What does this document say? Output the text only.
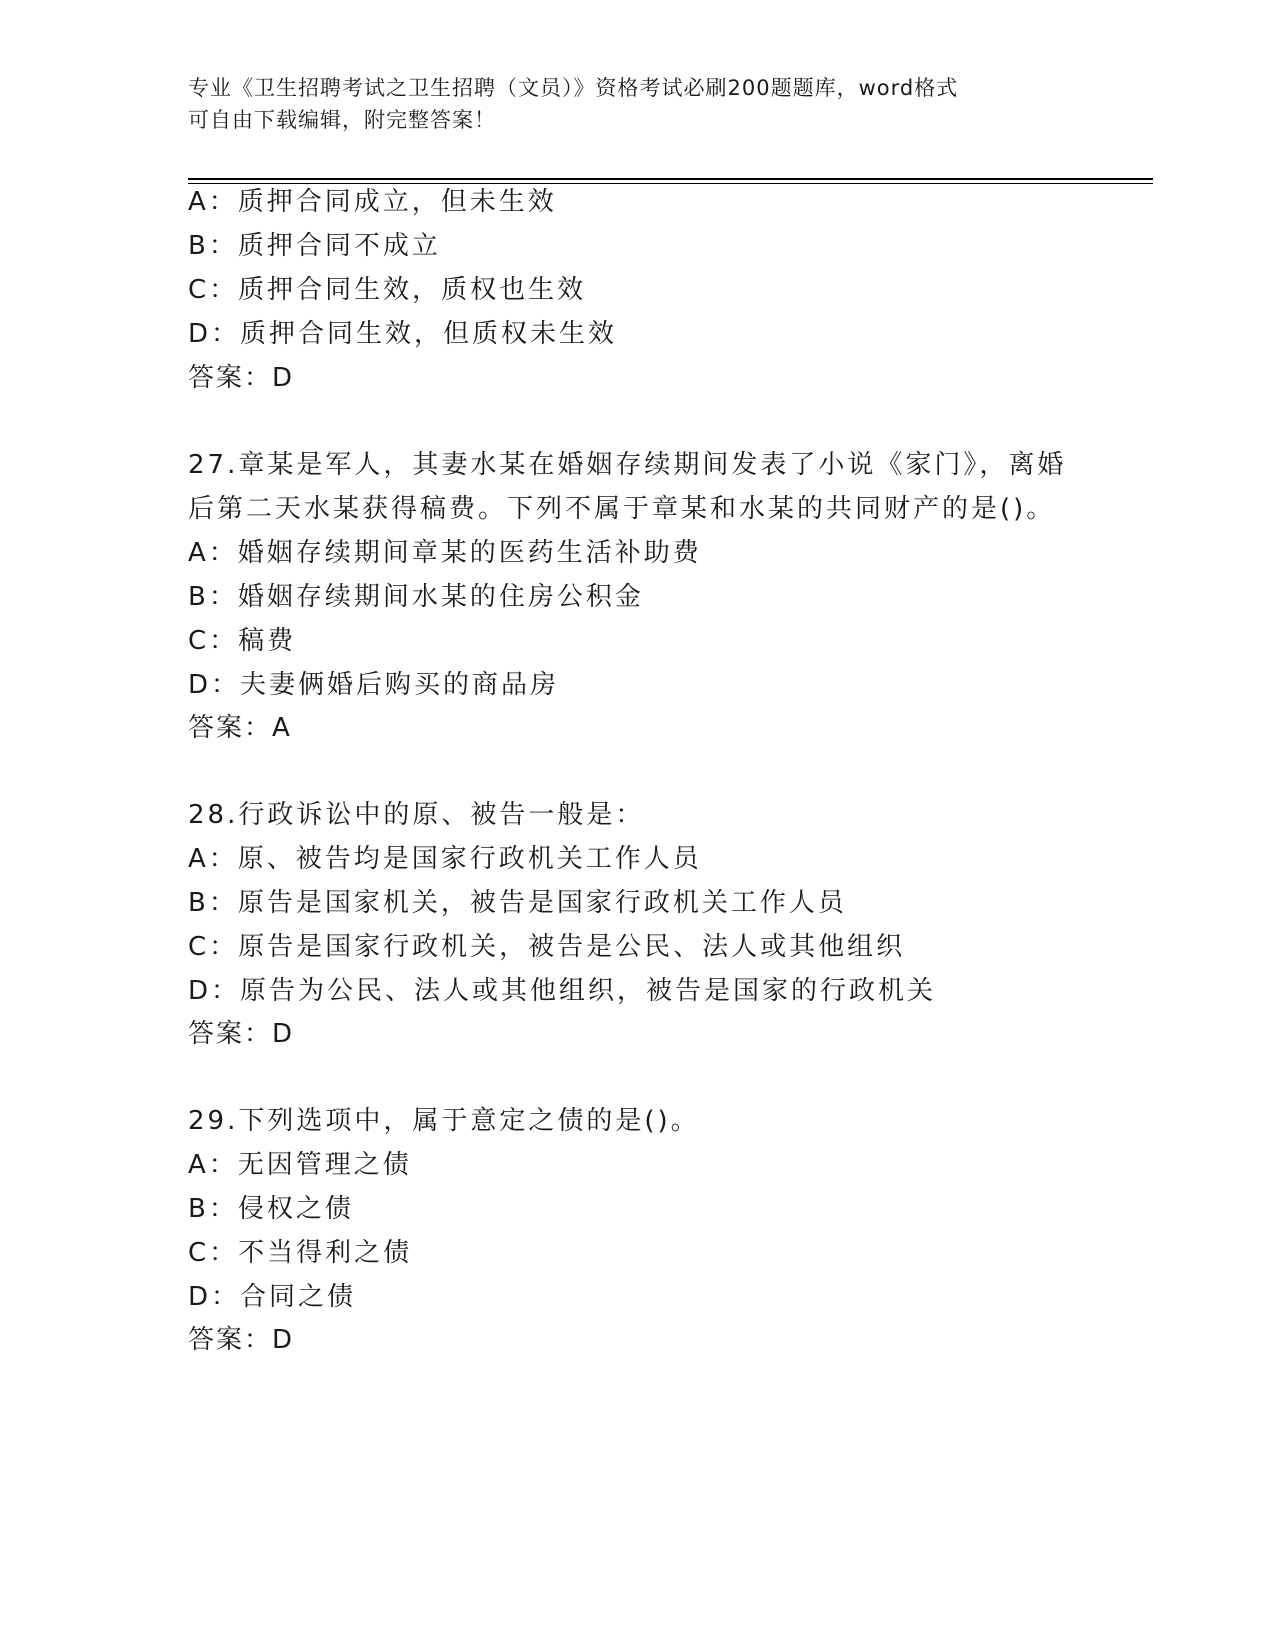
专业《卫生招聘考试之卫生招聘（文员）》资格考试必刷200题题库，word格式
可自由下载编辑，附完整答案！
A：质押合同成立，但未生效
B：质押合同不成立
C：质押合同生效，质权也生效
D：质押合同生效，但质权未生效
答案：D
27.章某是军人，其妻水某在婚姻存续期间发表了小说《家门》，离婚
后第二天水某获得稿费。下列不属于章某和水某的共同财产的是()。
A：婚姻存续期间章某的医药生活补助费
B：婚姻存续期间水某的住房公积金
C：稿费
D：夫妻俩婚后购买的商品房
答案：A
28.行政诉讼中的原、被告一般是：
A：原、被告均是国家行政机关工作人员
B：原告是国家机关，被告是国家行政机关工作人员
C：原告是国家行政机关，被告是公民、法人或其他组织
D：原告为公民、法人或其他组织，被告是国家的行政机关
答案：D
29.下列选项中，属于意定之债的是()。
A：无因管理之债
B：侵权之债
C：不当得利之债
D：合同之债
答案：D
